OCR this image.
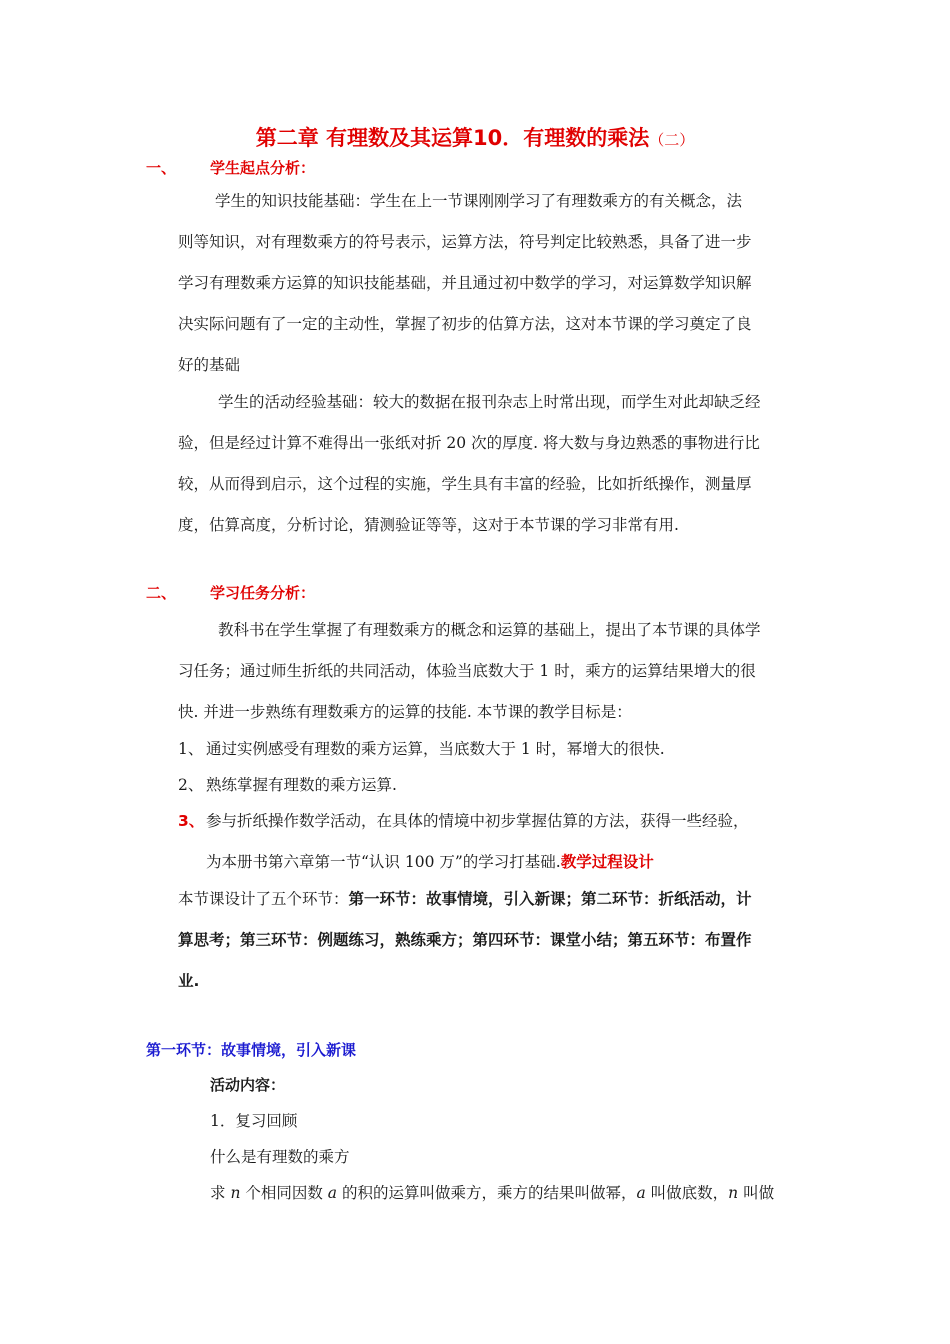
第二章 有理数及其运算10．有理数的乘法（二）
一、 学生起点分析：
学生的知识技能基础：学生在上一节课刚刚学习了有理数乘方的有关概念，法
则等知识，对有理数乘方的符号表示，运算方法，符号判定比较熟悉，具备了进一步
学习有理数乘方运算的知识技能基础，并且通过初中数学的学习，对运算数学知识解
决实际问题有了一定的主动性，掌握了初步的估算方法，这对本节课的学习奠定了良
好的基础
学生的活动经验基础：较大的数据在报刊杂志上时常出现，而学生对此却缺乏经
验，但是经过计算不难得出一张纸对折 20 次的厚度. 将大数与身边熟悉的事物进行比
较，从而得到启示，这个过程的实施，学生具有丰富的经验，比如折纸操作，测量厚
度，估算高度，分析讨论，猜测验证等等，这对于本节课的学习非常有用.
二、 学习任务分析：
教科书在学生掌握了有理数乘方的概念和运算的基础上，提出了本节课的具体学
习任务；通过师生折纸的共同活动，体验当底数大于 1 时，乘方的运算结果增大的很
快. 并进一步熟练有理数乘方的运算的技能. 本节课的教学目标是：
1、 通过实例感受有理数的乘方运算，当底数大于 1 时，幂增大的很快.
2、 熟练掌握有理数的乘方运算.
3、 参与折纸操作数学活动，在具体的情境中初步掌握估算的方法，获得一些经验，
为本册书第六章第一节“认识 100 万”的学习打基础.教学过程设计
本节课设计了五个环节：第一环节：故事情境，引入新课；第二环节：折纸活动，计
算思考；第三环节：例题练习，熟练乘方；第四环节：课堂小结；第五环节：布置作
业.
第一环节：故事情境，引入新课
活动内容：
1．复习回顾
什么是有理数的乘方
求 n 个相同因数 a 的积的运算叫做乘方，乘方的结果叫做幂，a 叫做底数，n 叫做
